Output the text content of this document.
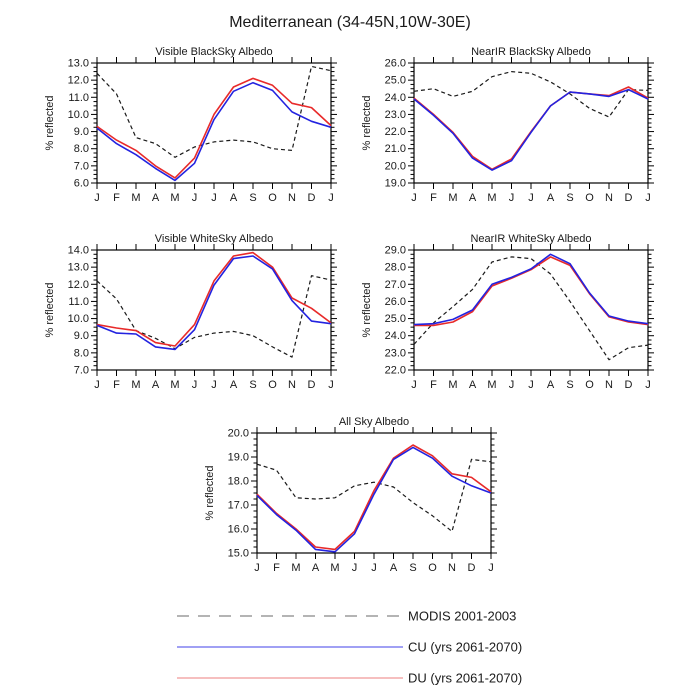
Mediterranean (34-45N,10W-30E)
J F M A M J J A S O N D J
6.0
7.0
8.0
9.0
10.0
11.0
12.0
13.0
J F M A M J J A S O N D J
19.0
20.0
21.0
22.0
23.0
24.0
25.0
26.0
J F M A M J J A S O N D J
7.0
8.0
9.0
10.0
11.0
12.0
13.0
14.0
J F M A M J J A S O N D J
22.0
23.0
24.0
25.0
26.0
27.0
28.0
29.0
J F M A M J J A S O N D J
15.0
16.0
17.0
18.0
19.0
20.0
Visible BlackSky Albedo	NearIR BlackSky Albedo
Visible WhiteSky Albedo	NearIR WhiteSky Albedo
All Sky Albedo
% reflected	% reflected
% reflected	% reflected
% reflected
MODIS 2001-2003
CU (yrs 2061-2070)
DU (yrs 2061-2070)
